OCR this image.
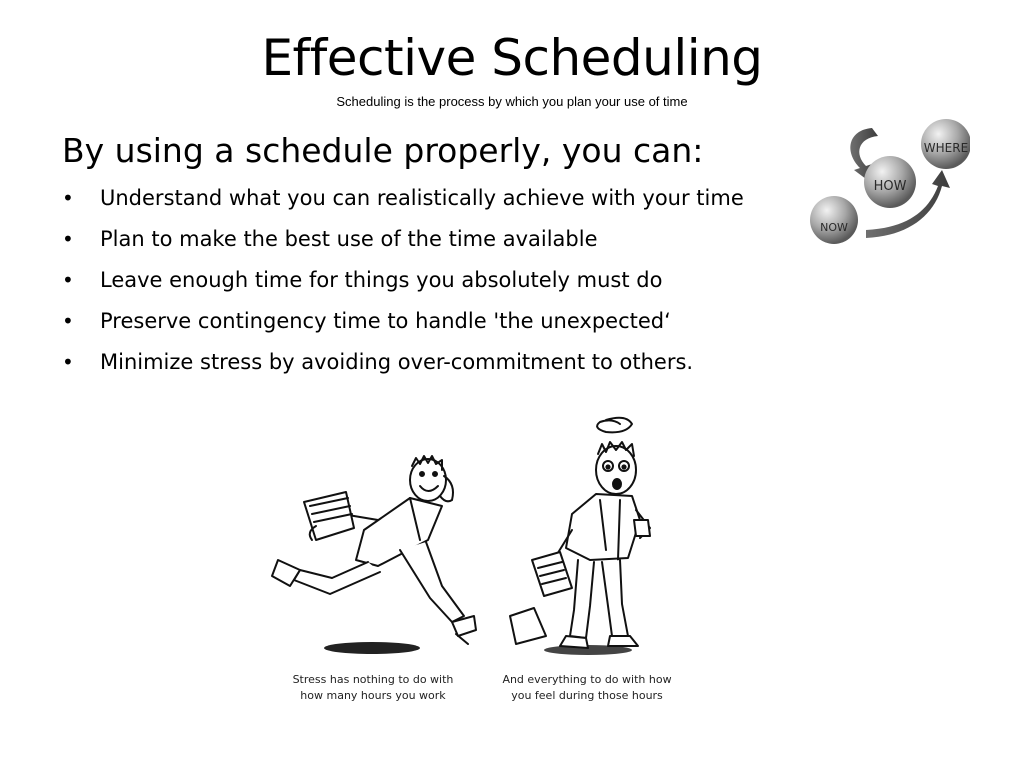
Effective Scheduling
Scheduling is the process by which you plan your use of time
By using a schedule properly, you can:
• Understand what you can realistically achieve with your time
• Plan to make the best use of the time available
• Leave enough time for things you absolutely must do
• Preserve contingency time to handle 'the unexpected‘
• Minimize stress by avoiding over-commitment to others.
WHERE
HOW
NOW
Stress has nothing to do with
how many hours you work
And everything to do with how
you feel during those hours
